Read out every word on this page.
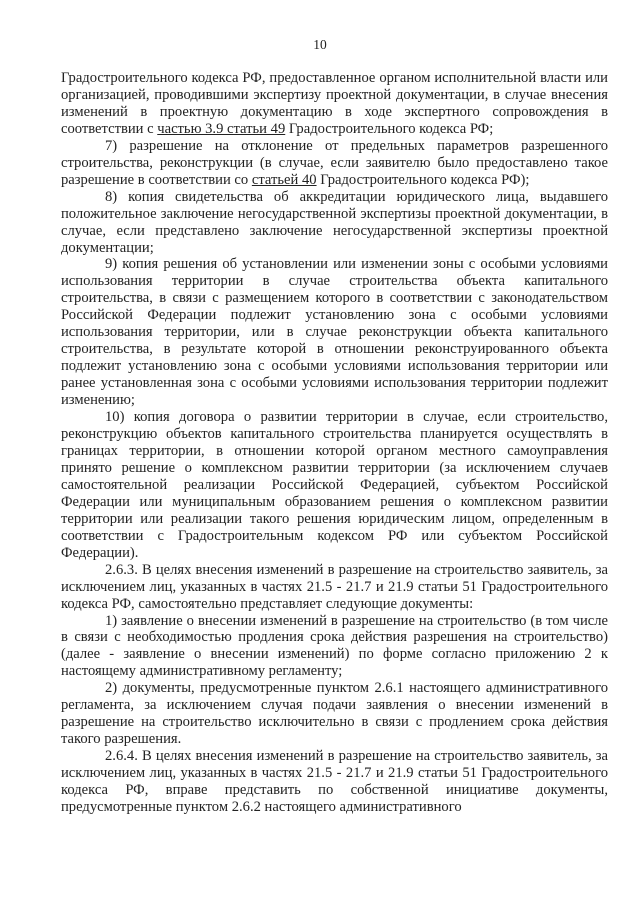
10

Градостроительного кодекса РФ, предоставленное органом исполнительной власти или организацией, проводившими экспертизу проектной документации, в случае внесения изменений в проектную документацию в ходе экспертного сопровождения в соответствии с частью 3.9 статьи 49 Градостроительного кодекса РФ;

7) разрешение на отклонение от предельных параметров разрешенного строительства, реконструкции (в случае, если заявителю было предоставлено такое разрешение в соответствии со статьей 40 Градостроительного кодекса РФ);

8) копия свидетельства об аккредитации юридического лица, выдавшего положительное заключение негосударственной экспертизы проектной документации, в случае, если представлено заключение негосударственной экспертизы проектной документации;

9) копия решения об установлении или изменении зоны с особыми условиями использования территории в случае строительства объекта капитального строительства, в связи с размещением которого в соответствии с законодательством Российской Федерации подлежит установлению зона с особыми условиями использования территории, или в случае реконструкции объекта капитального строительства, в результате которой в отношении реконструированного объекта подлежит установлению зона с особыми условиями использования территории или ранее установленная зона с особыми условиями использования территории подлежит изменению;

10) копия договора о развитии территории в случае, если строительство, реконструкцию объектов капитального строительства планируется осуществлять в границах территории, в отношении которой органом местного самоуправления принято решение о комплексном развитии территории (за исключением случаев самостоятельной реализации Российской Федерацией, субъектом Российской Федерации или муниципальным образованием решения о комплексном развитии территории или реализации такого решения юридическим лицом, определенным в соответствии с Градостроительным кодексом РФ или субъектом Российской Федерации).

2.6.3. В целях внесения изменений в разрешение на строительство заявитель, за исключением лиц, указанных в частях 21.5 - 21.7 и 21.9 статьи 51 Градостроительного кодекса РФ, самостоятельно представляет следующие документы:

1) заявление о внесении изменений в разрешение на строительство (в том числе в связи с необходимостью продления срока действия разрешения на строительство) (далее - заявление о внесении изменений) по форме согласно приложению 2 к настоящему административному регламенту;

2) документы, предусмотренные пунктом 2.6.1 настоящего административного регламента, за исключением случая подачи заявления о внесении изменений в разрешение на строительство исключительно в связи с продлением срока действия такого разрешения.

2.6.4. В целях внесения изменений в разрешение на строительство заявитель, за исключением лиц, указанных в частях 21.5 - 21.7 и 21.9 статьи 51 Градостроительного кодекса РФ, вправе представить по собственной инициативе документы, предусмотренные пунктом 2.6.2 настоящего административного
